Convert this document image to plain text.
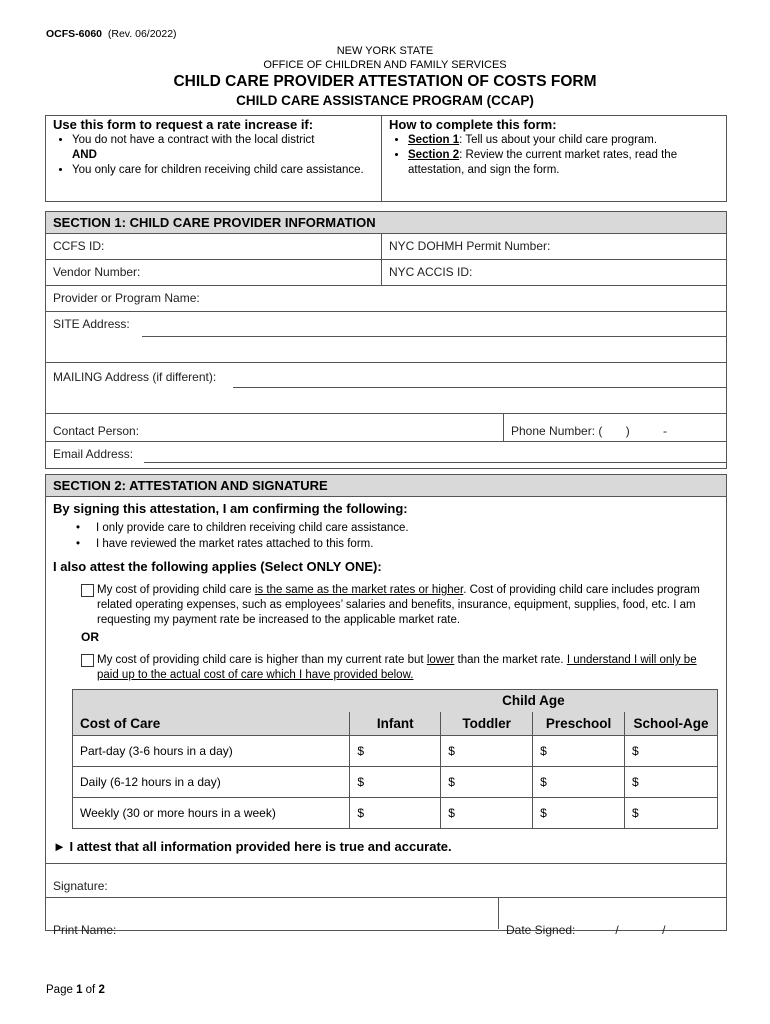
OCFS-6060 (Rev. 06/2022)
NEW YORK STATE
OFFICE OF CHILDREN AND FAMILY SERVICES
CHILD CARE PROVIDER ATTESTATION OF COSTS FORM
CHILD CARE ASSISTANCE PROGRAM (CCAP)
Use this form to request a rate increase if:
• You do not have a contract with the local district
AND
• You only care for children receiving child care assistance.
How to complete this form:
• Section 1: Tell us about your child care program.
• Section 2: Review the current market rates, read the attestation, and sign the form.
SECTION 1: CHILD CARE PROVIDER INFORMATION
CCFS ID:	NYC DOHMH Permit Number:
Vendor Number:	NYC ACCIS ID:
Provider or Program Name:
SITE Address:
MAILING Address (if different):
Contact Person:	Phone Number: (       )          -
Email Address:
SECTION 2: ATTESTATION AND SIGNATURE
By signing this attestation, I am confirming the following:
•     I only provide care to children receiving child care assistance.
•     I have reviewed the market rates attached to this form.
I also attest the following applies (Select ONLY ONE):
My cost of providing child care is the same as the market rates or higher. Cost of providing child care includes program related operating expenses, such as employees’ salaries and benefits, insurance, equipment, supplies, food, etc. I am requesting my payment rate be increased to the applicable market rate.
OR
My cost of providing child care is higher than my current rate but lower than the market rate. I understand I will only be paid up to the actual cost of care which I have provided below.
	Child Age			
Cost of Care	Infant	Toddler	Preschool	School-Age
Part-day (3-6 hours in a day)	$	$	$	$
Daily (6-12 hours in a day)	$	$	$	$
Weekly (30 or more hours in a week)	$	$	$	$
► I attest that all information provided here is true and accurate.
Signature:
Print Name:	Date Signed:            /             /
Page 1 of 2
